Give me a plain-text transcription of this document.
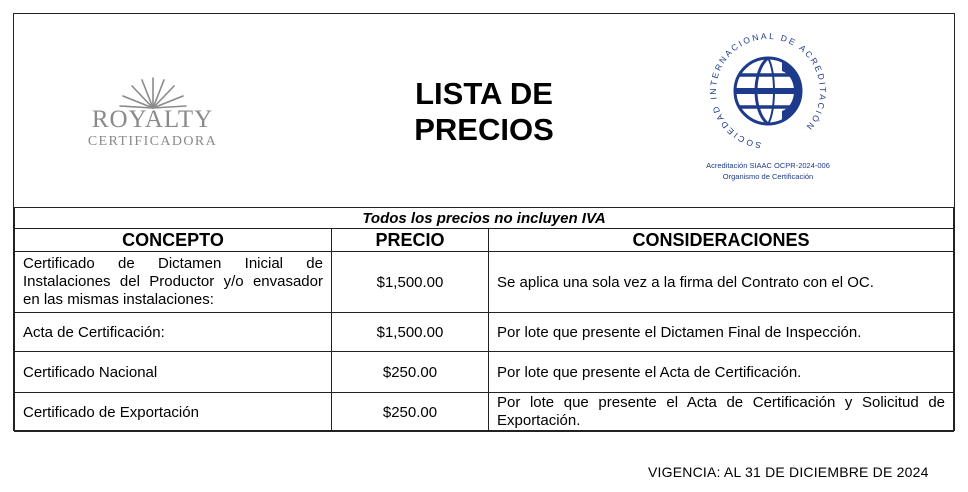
ROYALTY
CERTIFICADORA
LISTA DE
PRECIOS	SOCIEDAD INTERNACIONAL DE ACREDITACIÓN
Acreditación SIAAC OCPR-2024-006
Organismo de Certificación
Todos los precios no incluyen IVA		
CONCEPTO	PRECIO	CONSIDERACIONES

Certificado de Dictamen Inicial de Instalaciones del Productor y/o envasador en las mismas instalaciones:	$1,500.00	Se aplica una sola vez a la firma del Contrato con el OC.
Acta de Certificación:	$1,500.00	Por lote que presente el Dictamen Final de Inspección.
Certificado Nacional	$250.00	Por lote que presente el Acta de Certificación.
Certificado de Exportación	$250.00	Por lote que presente el Acta de Certificación y Solicitud de Exportación.
VIGENCIA: AL 31 DE DICIEMBRE DE 2024
